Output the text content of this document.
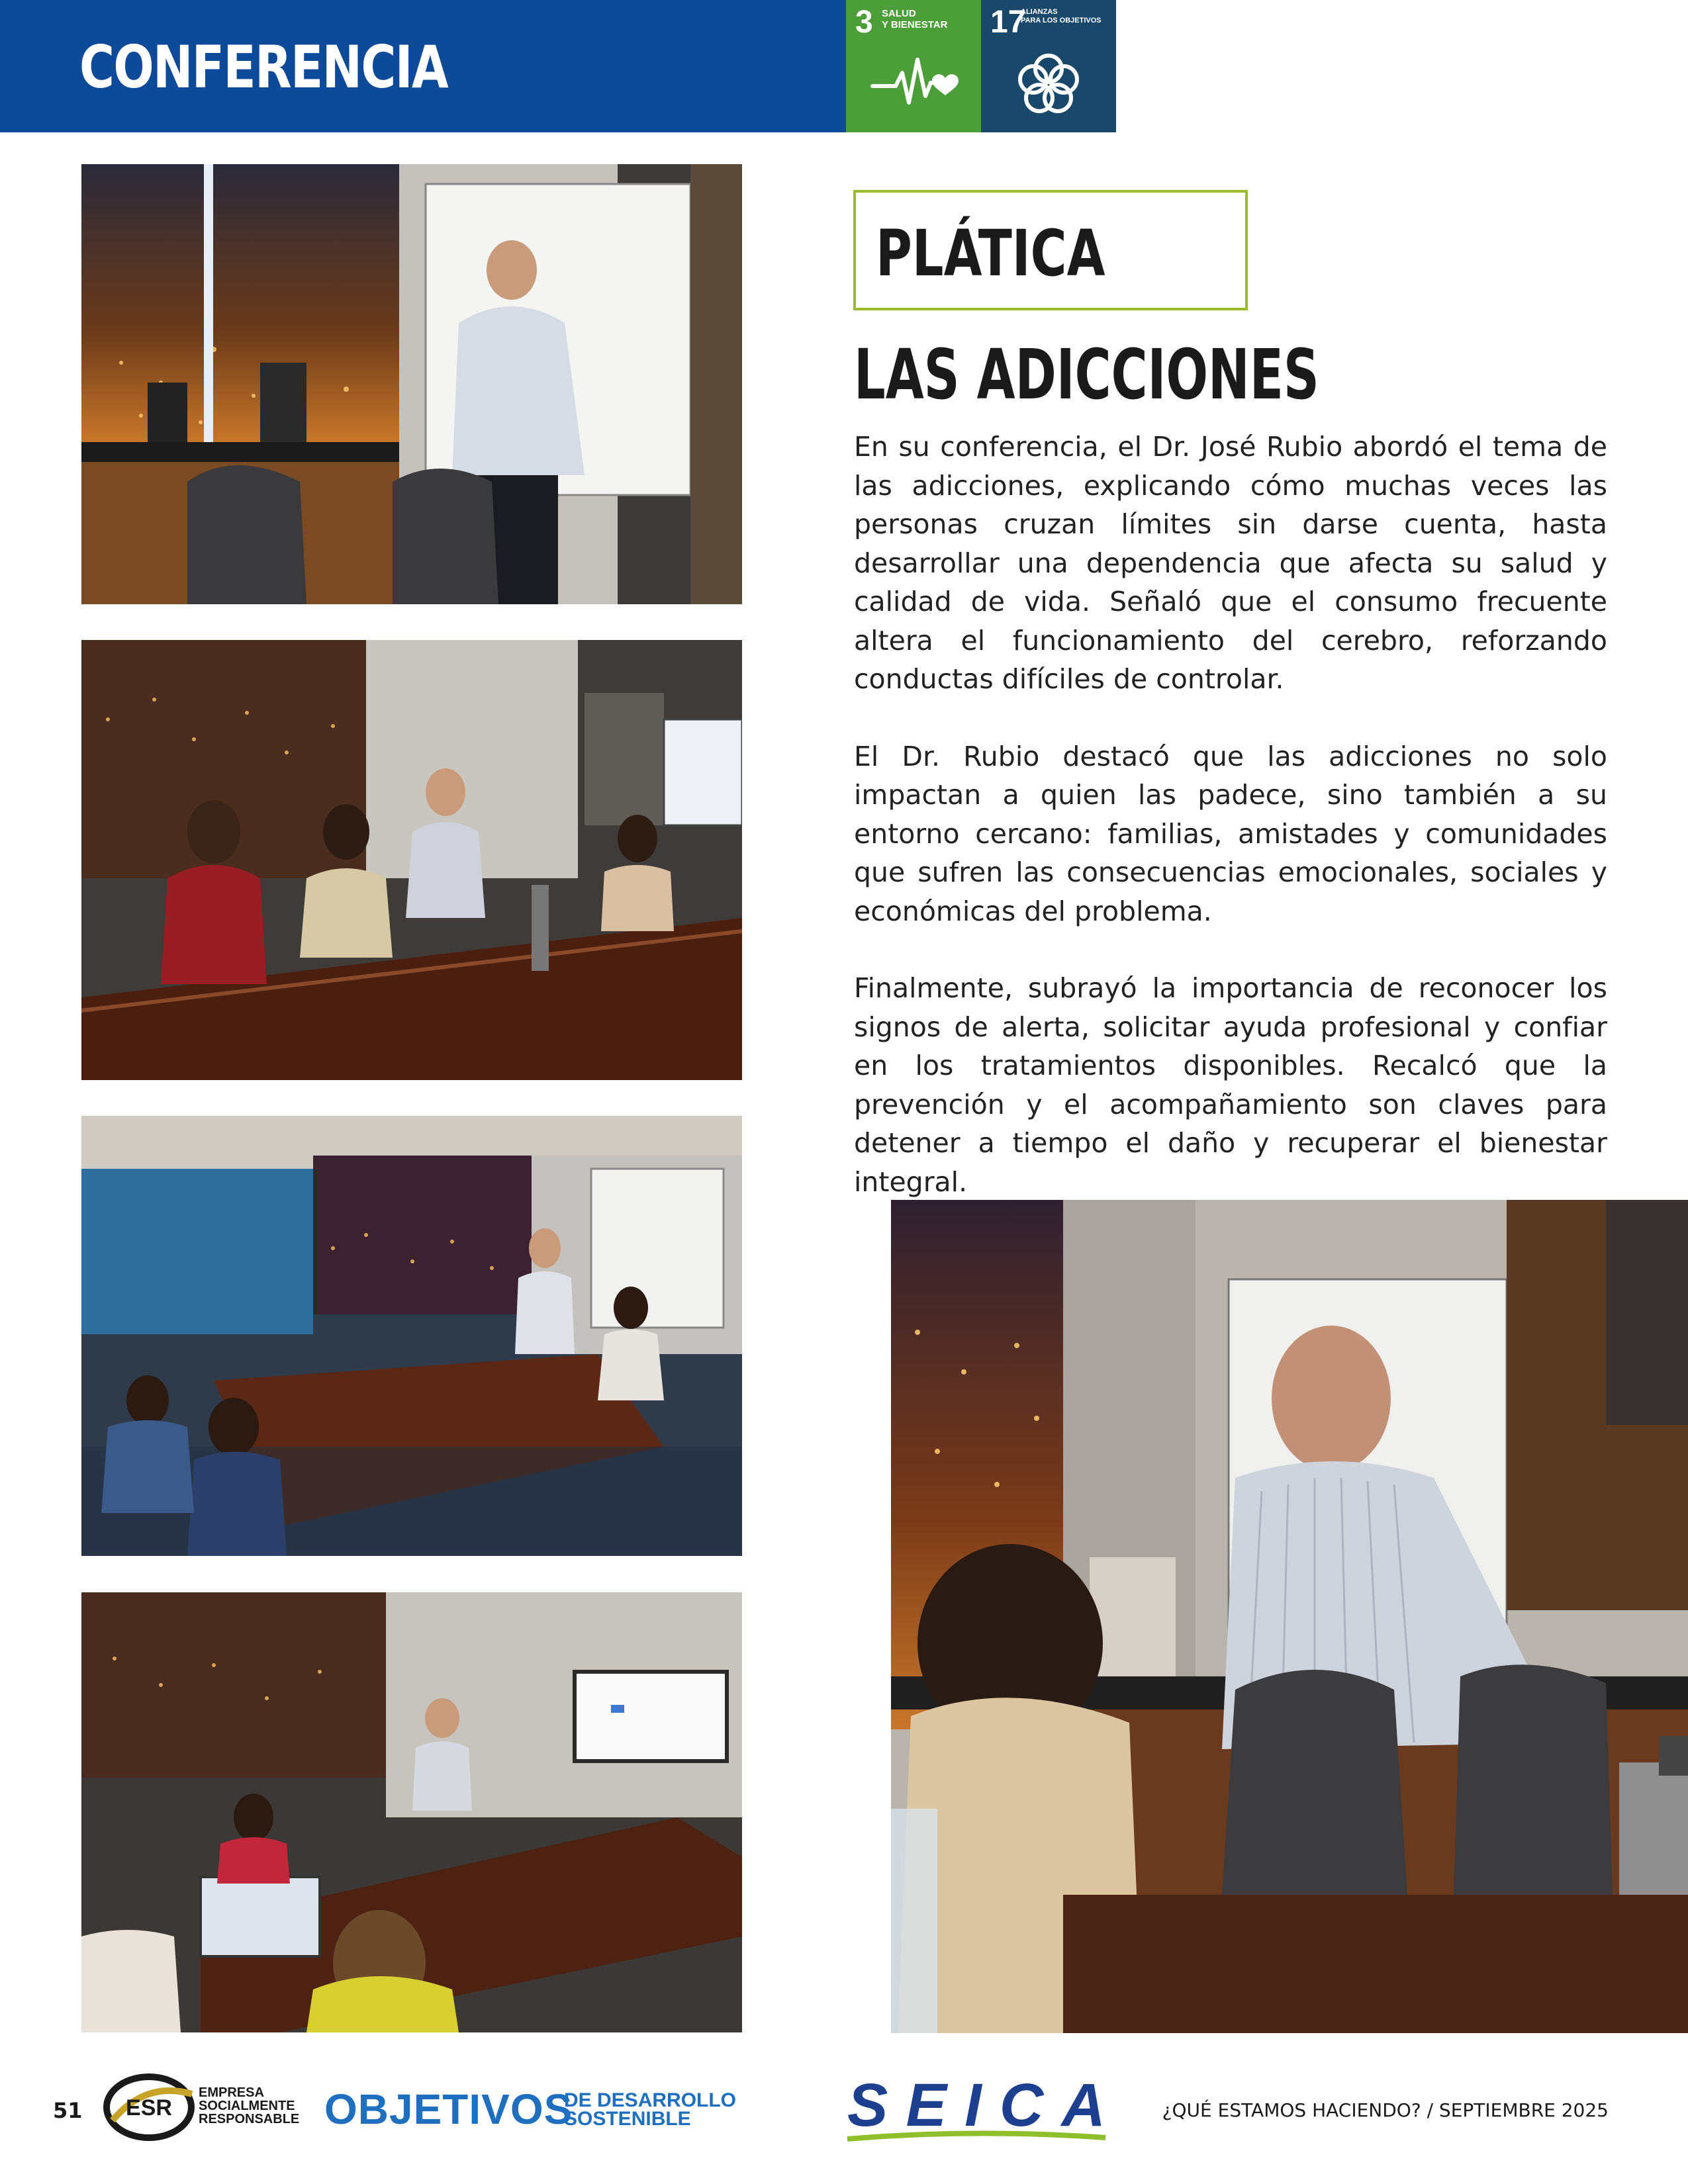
CONFERENCIA
3 SALUD
Y BIENESTAR 17
ALIANZAS
PARA LOS OBJETIVOS
PLÁTICA
LAS ADICCIONES

En su conferencia, el Dr. José Rubio abordó el tema de las adicciones, explicando cómo muchas veces las personas cruzan límites sin darse cuenta, hasta desarrollar una dependencia que afecta su salud y calidad de vida. Señaló que el consumo frecuente altera el funcionamiento del cerebro, reforzando conductas difíciles de controlar.

El Dr. Rubio destacó que las adicciones no solo impactan a quien las padece, sino también a su entorno cercano: familias, amistades y comunidades que sufren las consecuencias emocionales, sociales y económicas del problema.

Finalmente, subrayó la importancia de reconocer los signos de alerta, solicitar ayuda profesional y confiar en los tratamientos disponibles. Recalcó que la prevención y el acompañamiento son claves para detener a tiempo el daño y recuperar el bienestar integral.

51 ESR
EMPRESA
SOCIALMENTE
RESPONSABLE OBJETIVOS
DE DESARROLLO
SOSTENIBLE	SEICA	¿QUÉ ESTAMOS HACIENDO? / SEPTIEMBRE 2025
